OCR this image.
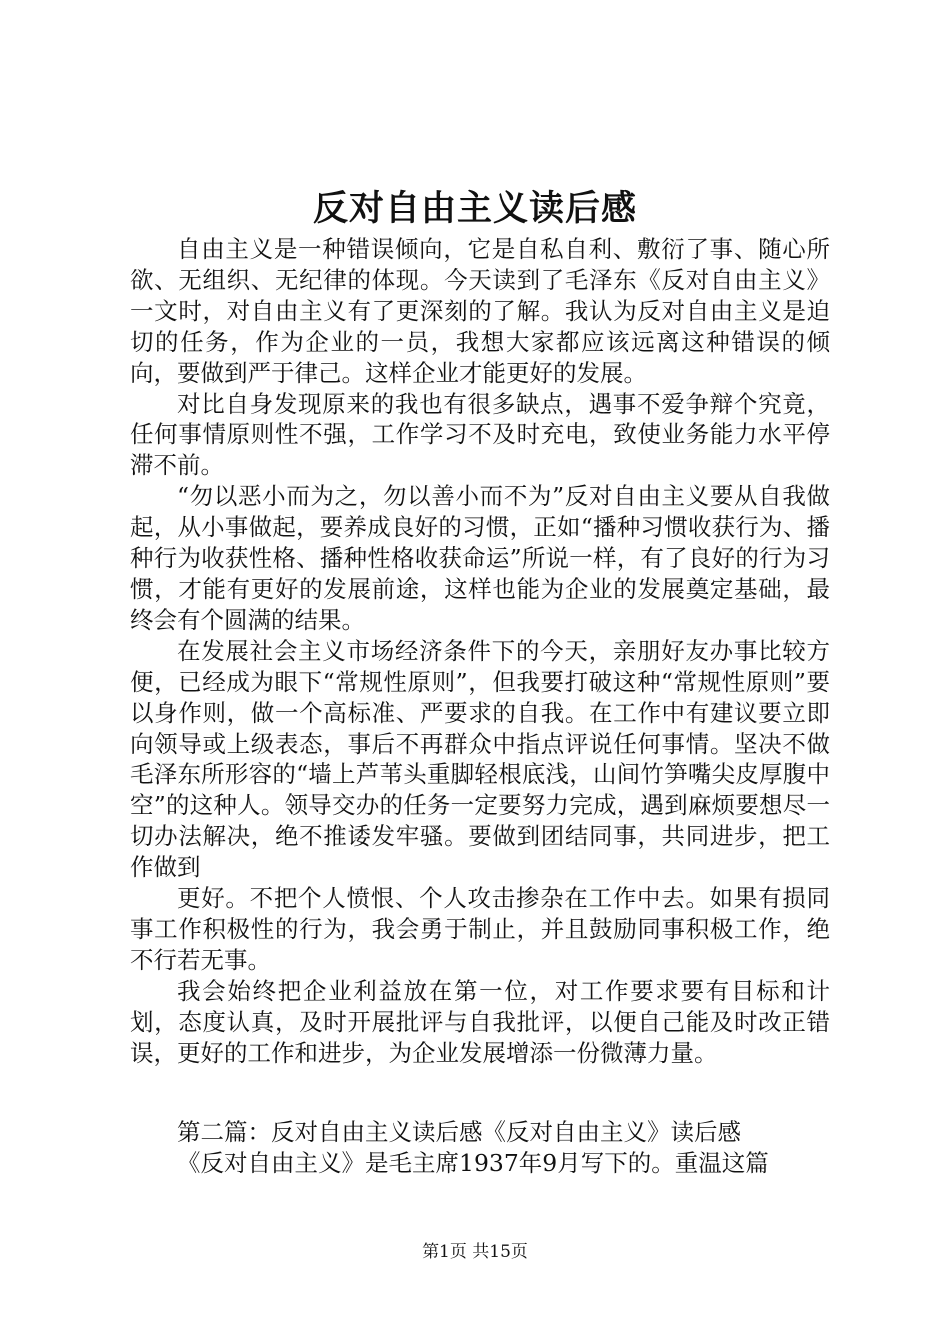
反对自由主义读后感

自由主义是一种错误倾向，它是自私自利、敷衍了事、随心所欲、无组织、无纪律的体现。今天读到了毛泽东《反对自由主义》一文时，对自由主义有了更深刻的了解。我认为反对自由主义是迫切的任务，作为企业的一员，我想大家都应该远离这种错误的倾向，要做到严于律己。这样企业才能更好的发展。

对比自身发现原来的我也有很多缺点，遇事不爱争辩个究竟，任何事情原则性不强，工作学习不及时充电，致使业务能力水平停滞不前。

“勿以恶小而为之，勿以善小而不为”反对自由主义要从自我做起，从小事做起，要养成良好的习惯，正如“播种习惯收获行为、播种行为收获性格、播种性格收获命运”所说一样，有了良好的行为习惯，才能有更好的发展前途，这样也能为企业的发展奠定基础，最终会有个圆满的结果。

在发展社会主义市场经济条件下的今天，亲朋好友办事比较方便，已经成为眼下“常规性原则”，但我要打破这种“常规性原则”要以身作则，做一个高标准、严要求的自我。在工作中有建议要立即向领导或上级表态，事后不再群众中指点评说任何事情。坚决不做毛泽东所形容的“墙上芦苇头重脚轻根底浅，山间竹笋嘴尖皮厚腹中空”的这种人。领导交办的任务一定要努力完成，遇到麻烦要想尽一切办法解决，绝不推诿发牢骚。要做到团结同事，共同进步，把工作做到

更好。不把个人愤恨、个人攻击掺杂在工作中去。如果有损同事工作积极性的行为，我会勇于制止，并且鼓励同事积极工作，绝不行若无事。

我会始终把企业利益放在第一位，对工作要求要有目标和计划，态度认真，及时开展批评与自我批评，以便自己能及时改正错误，更好的工作和进步，为企业发展增添一份微薄力量。

第二篇：反对自由主义读后感《反对自由主义》读后感

《反对自由主义》是毛主席1937年9月写下的。重温这篇

第1页 共15页
